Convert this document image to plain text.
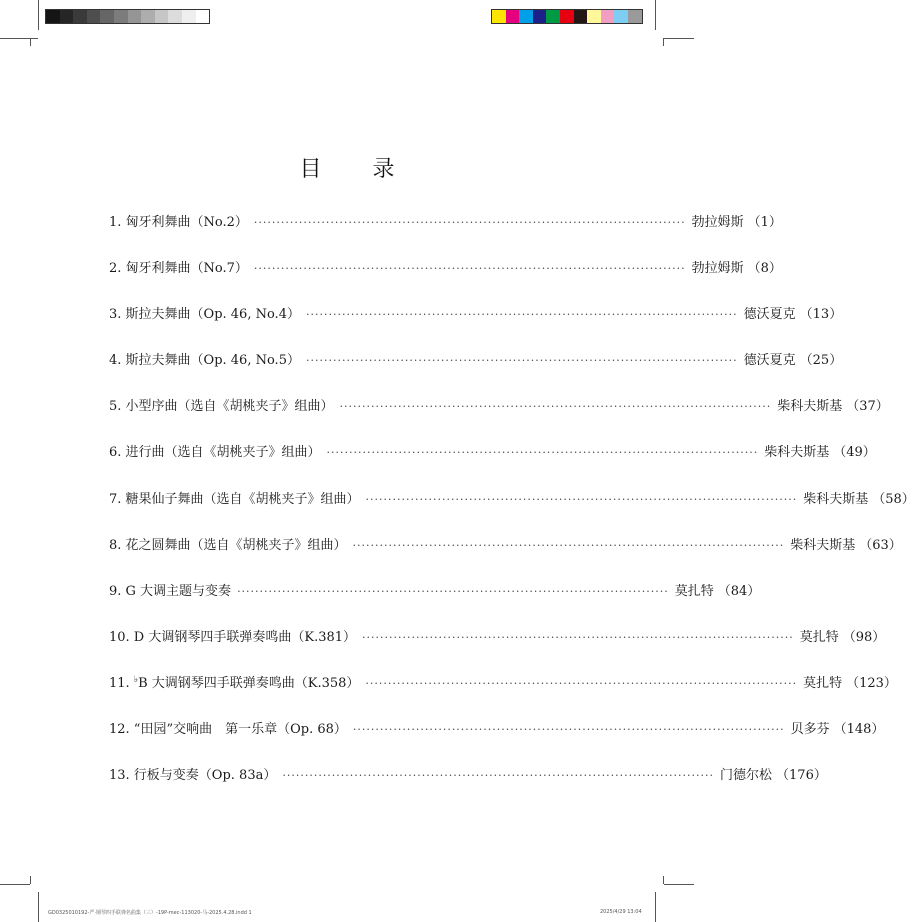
目 录
1. 匈牙利舞曲（No.2） ································································································ 勃拉姆斯 （1）
2. 匈牙利舞曲（No.7） ································································································ 勃拉姆斯 （8）
3. 斯拉夫舞曲（Op. 46, No.4） ································································································ 德沃夏克 （13）
4. 斯拉夫舞曲（Op. 46, No.5） ································································································ 德沃夏克 （25）
5. 小型序曲（选自《胡桃夹子》组曲） ································································································ 柴科夫斯基 （37）
6. 进行曲（选自《胡桃夹子》组曲） ································································································ 柴科夫斯基 （49）
7. 糖果仙子舞曲（选自《胡桃夹子》组曲） ································································································ 柴科夫斯基 （58）
8. 花之圆舞曲（选自《胡桃夹子》组曲） ································································································ 柴科夫斯基 （63）
9. G 大调主题与变奏 ································································································ 莫扎特 （84）
10. D 大调钢琴四手联弹奏鸣曲（K.381） ································································································ 莫扎特 （98）
11. ♭B 大调钢琴四手联弹奏鸣曲（K.358） ································································································ 莫扎特 （123）
12. “田园”交响曲　第一乐章（Op. 68） ································································································ 贝多芬 （148）
13. 行板与变奏（Op. 83a） ································································································ 门德尔松 （176）
GD0325010192-严·钢琴四手联弹名曲集（三）-19P-mec-113020-马-2025.4.28.indd 1	2025/4/29 13:04
